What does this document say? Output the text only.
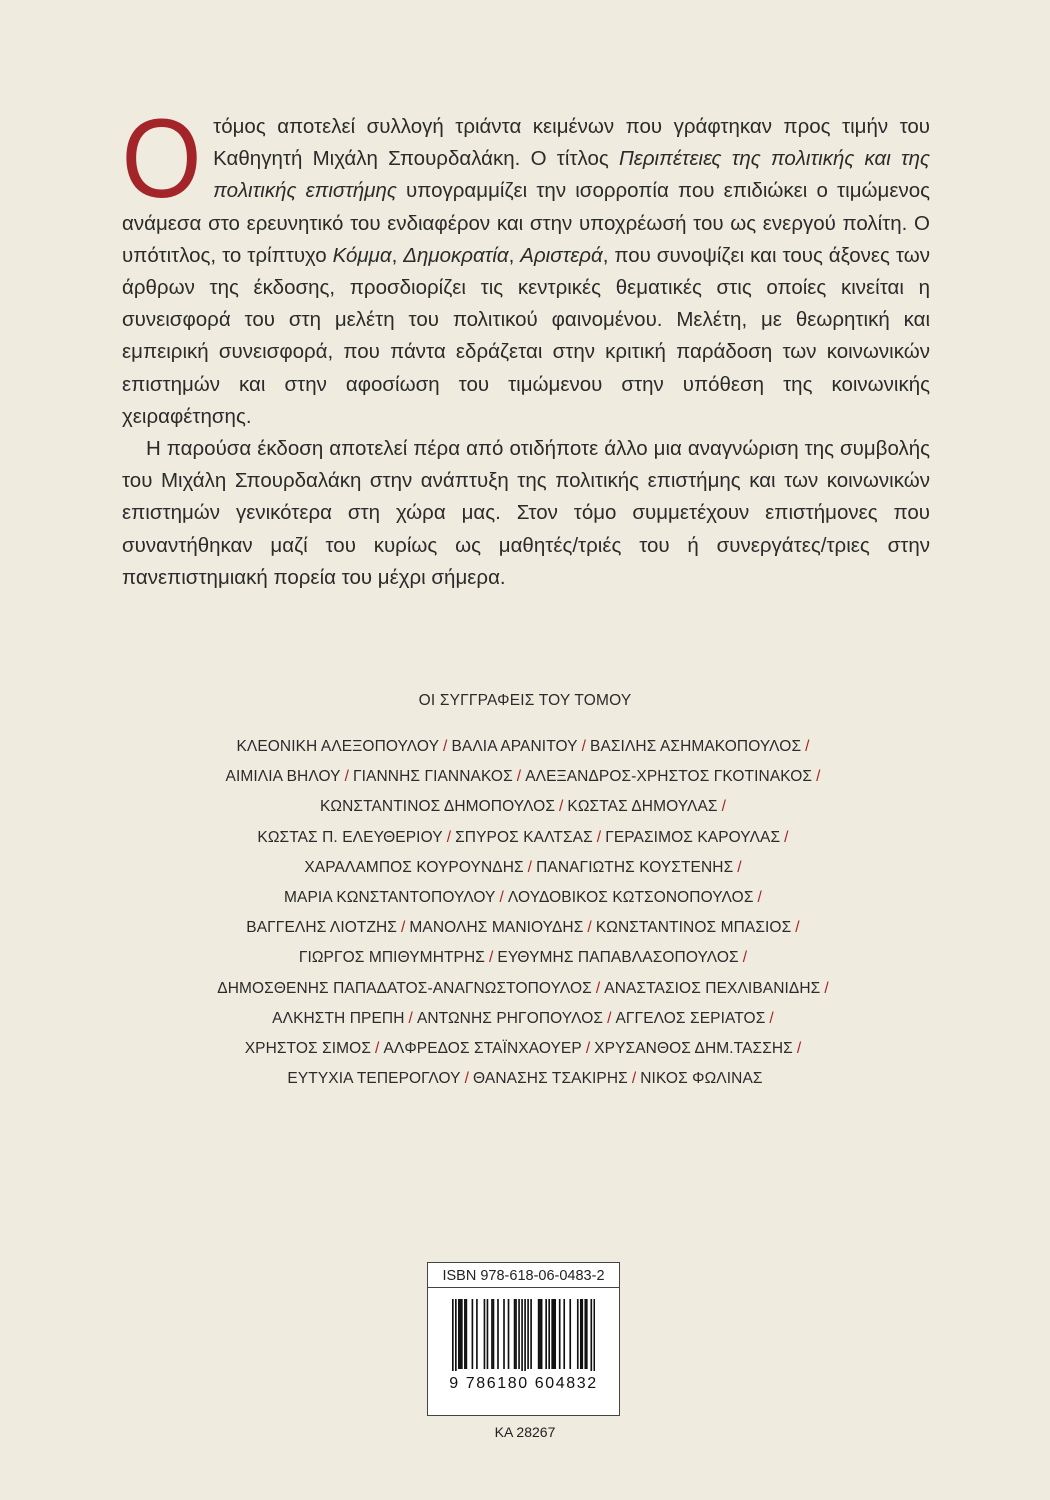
Ο τόμος αποτελεί συλλογή τριάντα κειμένων που γράφτηκαν προς τιμήν του Καθηγητή Μιχάλη Σπουρδαλάκη. Ο τίτλος Περιπέτειες της πολιτικής και της πολιτικής επιστήμης υπογραμμίζει την ισορροπία που επιδιώκει ο τιμώμενος ανάμεσα στο ερευνητικό του ενδιαφέρον και στην υποχρέωσή του ως ενεργού πολίτη. Ο υπότιτλος, το τρίπτυχο Κόμμα, Δημοκρατία, Αριστερά, που συνοψίζει και τους άξονες των άρθρων της έκδοσης, προσδιορίζει τις κεντρικές θεματικές στις οποίες κινείται η συνεισφορά του στη μελέτη του πολιτικού φαινομένου. Μελέτη, με θεωρητική και εμπειρική συνεισφορά, που πάντα εδράζεται στην κριτική παράδοση των κοινωνικών επιστημών και στην αφοσίωση του τιμώμενου στην υπόθεση της κοινωνικής χειραφέτησης.

Η παρούσα έκδοση αποτελεί πέρα από οτιδήποτε άλλο μια αναγνώριση της συμβολής του Μιχάλη Σπουρδαλάκη στην ανάπτυξη της πολιτικής επιστήμης και των κοινωνικών επιστημών γενικότερα στη χώρα μας. Στον τόμο συμμετέχουν επιστήμονες που συναντήθηκαν μαζί του κυρίως ως μαθητές/τριές του ή συνεργάτες/τριες στην πανεπιστημιακή πορεία του μέχρι σήμερα.

ΟΙ ΣΥΓΓΡΑΦΕΙΣ ΤΟΥ ΤΟΜΟΥ
ΚΛΕΟΝΙΚΗ ΑΛΕΞΟΠΟΥΛΟΥ / ΒΑΛΙΑ ΑΡΑΝΙΤΟΥ / ΒΑΣΙΛΗΣ ΑΣΗΜΑΚΟΠΟΥΛΟΣ /
ΑΙΜΙΛΙΑ ΒΗΛΟΥ / ΓΙΑΝΝΗΣ ΓΙΑΝΝΑΚΟΣ / ΑΛΕΞΑΝΔΡΟΣ-ΧΡΗΣΤΟΣ ΓΚΟΤΙΝΑΚΟΣ /
ΚΩΝΣΤΑΝΤΙΝΟΣ ΔΗΜΟΠΟΥΛΟΣ / ΚΩΣΤΑΣ ΔΗΜΟΥΛΑΣ /
ΚΩΣΤΑΣ Π. ΕΛΕΥΘΕΡΙΟΥ / ΣΠΥΡΟΣ ΚΑΛΤΣΑΣ / ΓΕΡΑΣΙΜΟΣ ΚΑΡΟΥΛΑΣ /
ΧΑΡΑΛΑΜΠΟΣ ΚΟΥΡΟΥΝΔΗΣ / ΠΑΝΑΓΙΩΤΗΣ ΚΟΥΣΤΕΝΗΣ /
ΜΑΡΙΑ ΚΩΝΣΤΑΝΤΟΠΟΥΛΟΥ / ΛΟΥΔΟΒΙΚΟΣ ΚΩΤΣΟΝΟΠΟΥΛΟΣ /
ΒΑΓΓΕΛΗΣ ΛΙΟΤΖΗΣ / ΜΑΝΟΛΗΣ ΜΑΝΙΟΥΔΗΣ / ΚΩΝΣΤΑΝΤΙΝΟΣ ΜΠΑΣΙΟΣ /
ΓΙΩΡΓΟΣ ΜΠΙΘΥΜΗΤΡΗΣ / ΕΥΘΥΜΗΣ ΠΑΠΑΒΛΑΣΟΠΟΥΛΟΣ /
ΔΗΜΟΣΘΕΝΗΣ ΠΑΠΑΔΑΤΟΣ-ΑΝΑΓΝΩΣΤΟΠΟΥΛΟΣ / ΑΝΑΣΤΑΣΙΟΣ ΠΕΧΛΙΒΑΝΙΔΗΣ /
ΑΛΚΗΣΤΗ ΠΡΕΠΗ / ΑΝΤΩΝΗΣ ΡΗΓΟΠΟΥΛΟΣ / ΑΓΓΕΛΟΣ ΣΕΡΙΑΤΟΣ /
ΧΡΗΣΤΟΣ ΣΙΜΟΣ / ΑΛΦΡΕΔΟΣ ΣΤΑΪΝΧΑΟΥΕΡ / ΧΡΥΣΑΝΘΟΣ ΔΗΜ.ΤΑΣΣΗΣ /
ΕΥΤΥΧΙΑ ΤΕΠΕΡΟΓΛΟΥ / ΘΑΝΑΣΗΣ ΤΣΑΚΙΡΗΣ / ΝΙΚΟΣ ΦΩΛΙΝΑΣ
ISBN 978-618-06-0483-2
9 786180 604832
KA 28267
